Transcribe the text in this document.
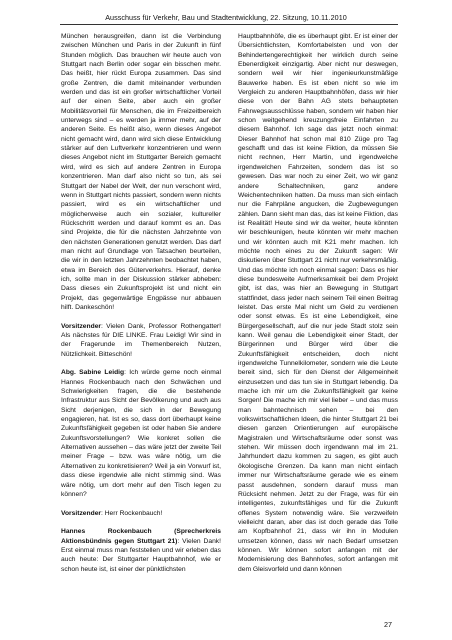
Ausschuss für Verkehr, Bau und Stadtentwicklung, 22. Sitzung, 10.11.2010

München herausgreifen, dann ist die Verbindung zwischen München und Paris in der Zukunft in fünf Stunden möglich. Das brauchen wir heute auch von Stuttgart nach Berlin oder sogar ein bisschen mehr. Das heißt, hier rückt Europa zusammen. Das sind große Zentren, die damit miteinander verbunden werden und das ist ein großer wirtschaftlicher Vorteil auf der einen Seite, aber auch ein großer Mobilitätsvorteil für Menschen, die im Freizeitbereich unterwegs sind – es werden ja immer mehr, auf der anderen Seite. Es heißt also, wenn dieses Angebot nicht gemacht wird, dann wird sich diese Entwicklung stärker auf den Luftverkehr konzentrieren und wenn dieses Angebot nicht im Stuttgarter Bereich gemacht wird, wird es sich auf andere Zentren in Europa konzentrieren. Man darf also nicht so tun, als sei Stuttgart der Nabel der Welt, der nun verschont wird, wenn in Stuttgart nichts passiert, sondern wenn nichts passiert, wird es ein wirtschaftlicher und möglicherweise auch ein sozialer, kultureller Rückschritt werden und darauf kommt es an. Das sind Projekte, die für die nächsten Jahrzehnte von den nächsten Generationen genutzt werden. Das darf man nicht auf Grundlage von Tatsachen beurteilen, die wir in den letzten Jahrzehnten beobachtet haben, etwa im Bereich des Güterverkehrs. Hierauf, denke ich, sollte man in der Diskussion stärker abheben: Dass dieses ein Zukunftsprojekt ist und nicht ein Projekt, das gegenwärtige Engpässe nur abbauen hilft. Dankeschön!

Vorsitzender: Vielen Dank, Professor Rothengatter! Als nächstes für DIE LINKE. Frau Leidig! Wir sind in der Fragerunde im Themenbereich Nutzen, Nützlichkeit. Bitteschön!

Abg. Sabine Leidig: Ich würde gerne noch einmal Hannes Rockenbauch nach den Schwächen und Schwierigkeiten fragen, die die bestehende Infrastruktur aus Sicht der Bevölkerung und auch aus Sicht derjenigen, die sich in der Bewegung engagieren, hat. Ist es so, dass dort überhaupt keine Zukunftsfähigkeit gegeben ist oder haben Sie andere Zukunftsvorstellungen? Wie konkret sollen die Alternativen aussehen – das wäre jetzt der zweite Teil meiner Frage – bzw. was wäre nötig, um die Alternativen zu konkretisieren? Weil ja ein Vorwurf ist, dass diese irgendwie alle nicht stimmig sind. Was wäre nötig, um dort mehr auf den Tisch legen zu können?

Vorsitzender: Herr Rockenbauch!

Hannes Rockenbauch (Sprecherkreis Aktionsbündnis gegen Stuttgart 21): Vielen Dank! Erst einmal muss man feststellen und wir erleben das auch heute: Der Stuttgarter Hauptbahnhof, wie er schon heute ist, ist einer der pünktlichsten

Hauptbahnhöfe, die es überhaupt gibt. Er ist einer der Übersichtlichsten, Komfortabelsten und von der Behindertengerechtigkeit her wirklich durch seine Ebenerdigkeit einzigartig. Aber nicht nur deswegen, sondern weil wir hier ingenieurkunstmäßige Bauwerke haben. Es ist eben nicht so wie im Vergleich zu anderen Hauptbahnhöfen, dass wir hier diese von der Bahn AG stets behaupteten Fahrwegsausschlüsse haben, sondern wir haben hier schon weitgehend kreuzungsfreie Einfahrten zu diesem Bahnhof. Ich sage das jetzt noch einmal: Dieser Bahnhof hat schon mal 810 Züge pro Tag geschafft und das ist keine Fiktion, da müssen Sie nicht rechnen, Herr Martin, und irgendwelche irgendwelchen Fahrzeiten, sondern das ist so gewesen. Das war noch zu einer Zeit, wo wir ganz andere Schaltechniken, ganz andere Weichentechniken hatten. Da muss man sich einfach nur die Fahrpläne angucken, die Zugbewegungen zählen. Dann sieht man das, das ist keine Fiktion, das ist Realität! Heute sind wir da weiter, heute könnten wir beschleunigen, heute könnten wir mehr machen und wir könnten auch mit K21 mehr machen. Ich möchte noch eines zu der Zukunft sagen: Wir diskutieren über Stuttgart 21 nicht nur verkehrsmäßig. Und das möchte ich noch einmal sagen: Dass es hier diese bundesweite Aufmerksamkeit bei dem Projekt gibt, ist das, was hier an Bewegung in Stuttgart stattfindet, dass jeder nach seinem Teil einen Beitrag leistet. Das erste Mal nicht um Geld zu verdienen oder sonst etwas. Es ist eine Lebendigkeit, eine Bürgergesellschaft, auf die nur jede Stadt stolz sein kann. Weil genau die Lebendigkeit einer Stadt, der Bürgerinnen und Bürger wird über die Zukunftsfähigkeit entscheiden, doch nicht irgendwelche Tunnelkilometer, sondern wie die Leute bereit sind, sich für den Dienst der Allgemeinheit einzusetzen und das tun sie in Stuttgart lebendig. Da mache ich mir um die Zukunftsfähigkeit gar keine Sorgen! Die mache ich mir viel lieber – und das muss man bahntechnisch sehen – bei den volkswirtschaftlichen Ideen, die hinter Stuttgart 21 bei diesen ganzen Orientierungen auf europäische Magistralen und Wirtschaftsräume oder sonst was stehen. Wir müssen doch irgendwann mal im 21. Jahrhundert dazu kommen zu sagen, es gibt auch ökologische Grenzen. Da kann man nicht einfach immer nur Wirtschaftsräume gerade wie es einem passt ausdehnen, sondern darauf muss man Rücksicht nehmen. Jetzt zu der Frage, was für ein intelligentes, zukunftsfähiges und für die Zukunft offenes System notwendig wäre. Sie verzweifeln vielleicht daran, aber das ist doch gerade das Tolle am Kopfbahnhof 21, dass wir ihn in Modulen umsetzen können, dass wir nach Bedarf umsetzen können. Wir können sofort anfangen mit der Modernisierung des Bahnhofes, sofort anfangen mit dem Gleisvorfeld und dann können

27
